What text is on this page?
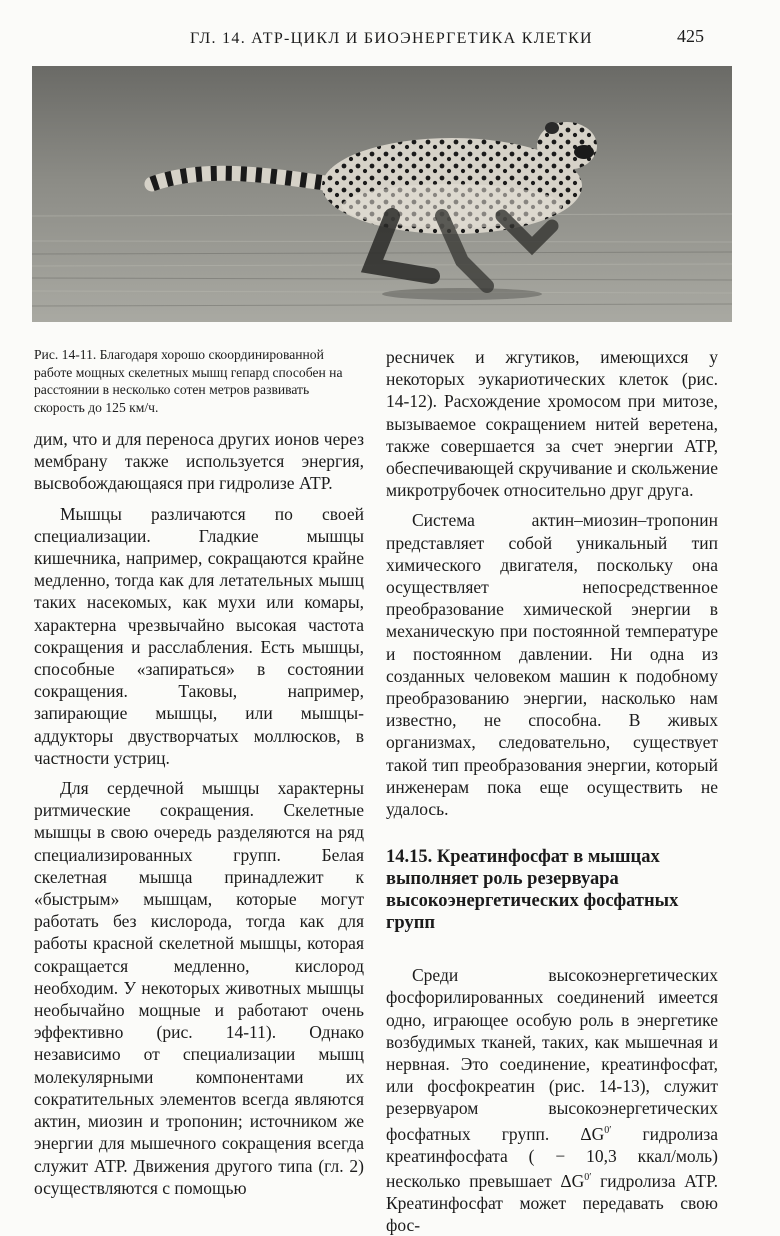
ГЛ. 14. АТР-ЦИКЛ И БИОЭНЕРГЕТИКА КЛЕТКИ	425
Рис. 14-11. Благодаря хорошо скоординированной работе мощных скелетных мышц гепард способен на расстоянии в несколько сотен метров развивать скорость до 125 км/ч.

дим, что и для переноса других ионов через мембрану также используется энергия, высвобождающаяся при гидролизе АТР.

Мышцы различаются по своей специализации. Гладкие мышцы кишечника, например, сокращаются крайне медленно, тогда как для летательных мышц таких насекомых, как мухи или комары, характерна чрезвычайно высокая частота сокращения и расслабления. Есть мышцы, способные «запираться» в состоянии сокращения. Таковы, например, запирающие мышцы, или мышцы-аддукторы двустворчатых моллюсков, в частности устриц.

Для сердечной мышцы характерны ритмические сокращения. Скелетные мышцы в свою очередь разделяются на ряд специализированных групп. Белая скелетная мышца принадлежит к «быстрым» мышцам, которые могут работать без кислорода, тогда как для работы красной скелетной мышцы, которая сокращается медленно, кислород необходим. У некоторых животных мышцы необычайно мощные и работают очень эффективно (рис. 14-11). Однако независимо от специализации мышц молекулярными компонентами их сократительных элементов всегда являются актин, миозин и тропонин; источником же энергии для мышечного сокращения всегда служит АТР. Движения другого типа (гл. 2) осуществляются с помощью

ресничек и жгутиков, имеющихся у некоторых эукариотических клеток (рис. 14-12). Расхождение хромосом при митозе, вызываемое сокращением нитей веретена, также совершается за счет энергии АТР, обеспечивающей скручивание и скольжение микротрубочек относительно друг друга.

Система актин–миозин–тропонин представляет собой уникальный тип химического двигателя, поскольку она осуществляет непосредственное преобразование химической энергии в механическую при постоянной температуре и постоянном давлении. Ни одна из созданных человеком машин к подобному преобразованию энергии, насколько нам известно, не способна. В живых организмах, следовательно, существует такой тип преобразования энергии, который инженерам пока еще осуществить не удалось.

14.15. Креатинфосфат в мышцах выполняет роль резервуара высокоэнергетических фосфатных групп

Среди высокоэнергетических фосфорилированных соединений имеется одно, играющее особую роль в энергетике возбудимых тканей, таких, как мышечная и нервная. Это соединение, креатинфосфат, или фосфокреатин (рис. 14-13), служит резервуаром высокоэнергетических фосфатных групп. $\Delta G^{0'}$ гидролиза креатинфосфата ( − 10,3 ккал/моль) несколько превышает $\Delta G^{0'}$ гидролиза АТР. Креатинфосфат может передавать свою фос-
